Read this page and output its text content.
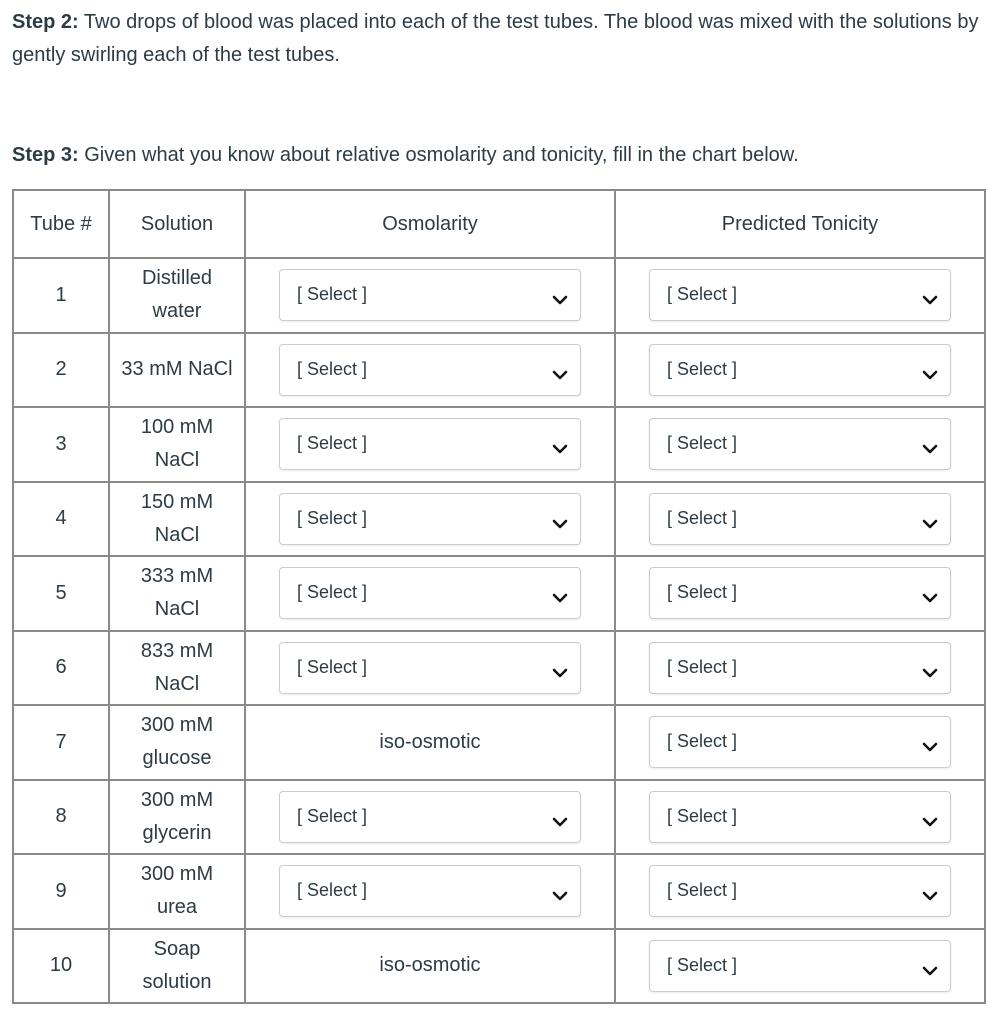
Step 2: Two drops of blood was placed into each of the test tubes. The blood was mixed with the solutions by gently swirling each of the test tubes.

Step 3: Given what you know about relative osmolarity and tonicity, fill in the chart below.

Tube #	Solution	Osmolarity	Predicted Tonicity
1	Distilled
water	[ Select ]	[ Select ]

2	33 mM NaCl	[ Select ]	[ Select ]

3	100 mM
NaCl	[ Select ]	[ Select ]

4	150 mM
NaCl	[ Select ]	[ Select ]

5	333 mM
NaCl	[ Select ]	[ Select ]

6	833 mM
NaCl	[ Select ]	[ Select ]

7	300 mM
glucose	iso-osmotic	[ Select ]

8	300 mM
glycerin	[ Select ]	[ Select ]

9	300 mM
urea	[ Select ]	[ Select ]

10	Soap
solution	iso-osmotic	[ Select ]
